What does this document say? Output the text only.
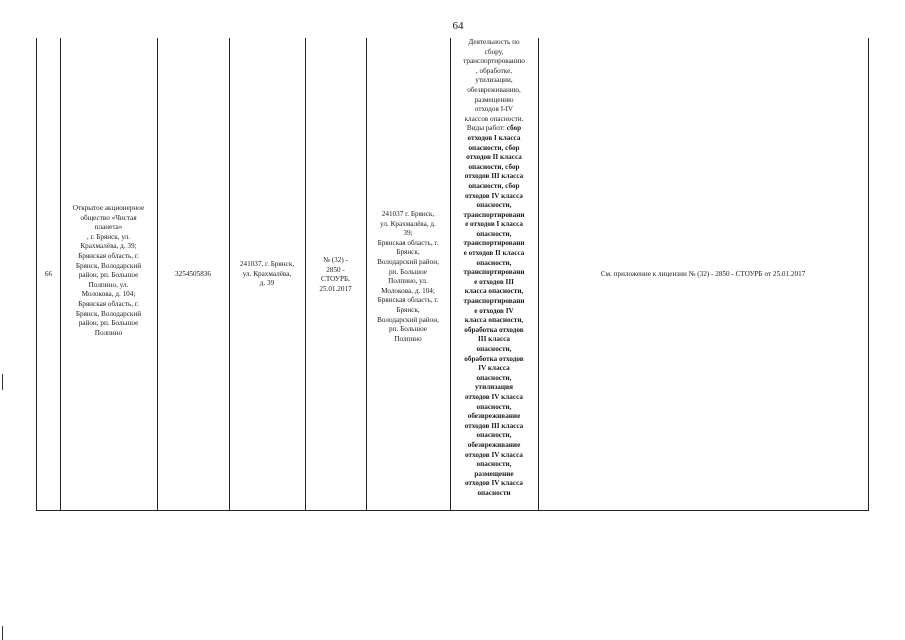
64
66
Открытое акционерное
общество «Чистая
планета»
, г. Брянск, ул.
Крахмалёва, д. 39;
Брянская область, г.
Брянск, Володарский
район, рп. Большое
Полпино, ул.
Молокова, д. 104;
Брянская область, г.
Брянск, Володарский
район, рп. Большое
Полпино
3254505836
241037, г. Брянск,
ул. Крахмалёва,
д. 39
№ (32) -
2850 -
СТОУРБ,
25.01.2017
241037 г. Брянск,
ул. Крахмалёва, д.
39;
Брянская область, г.
Брянск,
Володарский район,
рп. Большое
Полпино, ул.
Молокова, д. 104;
Брянская область, г.
Брянск,
Володарский район,
рп. Большое
Полпино
Деятельность по
сбору,
транспортированию
, обработке,
утилизации,
обезвреживанию,
размещению
отходов I-IV
классов опасности.
Виды работ: сбор
отходов I класса
опасности, сбор
отходов II класса
опасности, сбор
отходов III класса
опасности, сбор
отходов IV класса
опасности,
транспортировани
е отходов I класса
опасности,
транспортировани
е отходов II класса
опасности,
транспортировани
е отходов III
класса опасности,
транспортировани
е отходов IV
класса опасности,
обработка отходов
III класса
опасности,
обработка отходов
IV класса
опасности,
утилизация
отходов IV класса
опасности,
обезвреживание
отходов III класса
опасности,
обезвреживание
отходов IV класса
опасности,
размещение
отходов IV класса
опасности
См. приложение к лицензии № (32) - 2850 - СТОУРБ от 25.01.2017
